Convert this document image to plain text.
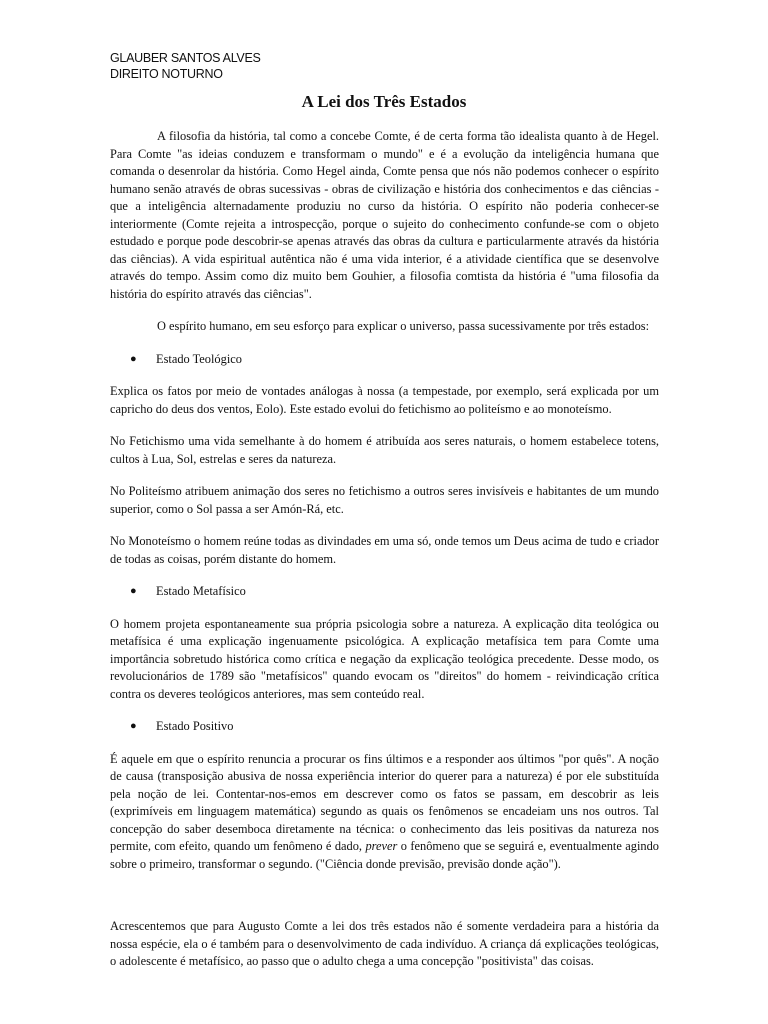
GLAUBER SANTOS ALVES
DIREITO NOTURNO
A Lei dos Três Estados

A filosofia da história, tal como a concebe Comte, é de certa forma tão idealista quanto à de Hegel. Para Comte "as ideias conduzem e transformam o mundo" e é a evolução da inteligência humana que comanda o desenrolar da história. Como Hegel ainda, Comte pensa que nós não podemos conhecer o espírito humano senão através de obras sucessivas - obras de civilização e história dos conhecimentos e das ciências - que a inteligência alternadamente produziu no curso da história. O espírito não poderia conhecer-se interiormente (Comte rejeita a introspecção, porque o sujeito do conhecimento confunde-se com o objeto estudado e porque pode descobrir-se apenas através das obras da cultura e particularmente através da história das ciências). A vida espiritual autêntica não é uma vida interior, é a atividade científica que se desenvolve através do tempo. Assim como diz muito bem Gouhier, a filosofia comtista da história é "uma filosofia da história do espírito através das ciências".

O espírito humano, em seu esforço para explicar o universo, passa sucessivamente por três estados:

●	Estado Teológico

Explica os fatos por meio de vontades análogas à nossa (a tempestade, por exemplo, será explicada por um capricho do deus dos ventos, Eolo). Este estado evolui do fetichismo ao politeísmo e ao monoteísmo.

No Fetichismo uma vida semelhante à do homem é atribuída aos seres naturais, o homem estabelece totens, cultos à Lua, Sol, estrelas e seres da natureza.

No Politeísmo atribuem animação dos seres no fetichismo a outros seres invisíveis e habitantes de um mundo superior, como o Sol passa a ser Amón-Rá, etc.

No Monoteísmo o homem reúne todas as divindades em uma só, onde temos um Deus acima de tudo e criador de todas as coisas, porém distante do homem.

●	Estado Metafísico

O homem projeta espontaneamente sua própria psicologia sobre a natureza. A explicação dita teológica ou metafísica é uma explicação ingenuamente psicológica. A explicação metafísica tem para Comte uma importância sobretudo histórica como crítica e negação da explicação teológica precedente. Desse modo, os revolucionários de 1789 são "metafísicos" quando evocam os "direitos" do homem - reivindicação crítica contra os deveres teológicos anteriores, mas sem conteúdo real.

●	Estado Positivo

É aquele em que o espírito renuncia a procurar os fins últimos e a responder aos últimos "por quês". A noção de causa (transposição abusiva de nossa experiência interior do querer para a natureza) é por ele substituída pela noção de lei. Contentar-nos-emos em descrever como os fatos se passam, em descobrir as leis (exprimíveis em linguagem matemática) segundo as quais os fenômenos se encadeiam uns nos outros. Tal concepção do saber desemboca diretamente na técnica: o conhecimento das leis positivas da natureza nos permite, com efeito, quando um fenômeno é dado, prever o fenômeno que se seguirá e, eventualmente agindo sobre o primeiro, transformar o segundo. ("Ciência donde previsão, previsão donde ação").

Acrescentemos que para Augusto Comte a lei dos três estados não é somente verdadeira para a história da nossa espécie, ela o é também para o desenvolvimento de cada indivíduo. A criança dá explicações teológicas, o adolescente é metafísico, ao passo que o adulto chega a uma concepção "positivista" das coisas.
